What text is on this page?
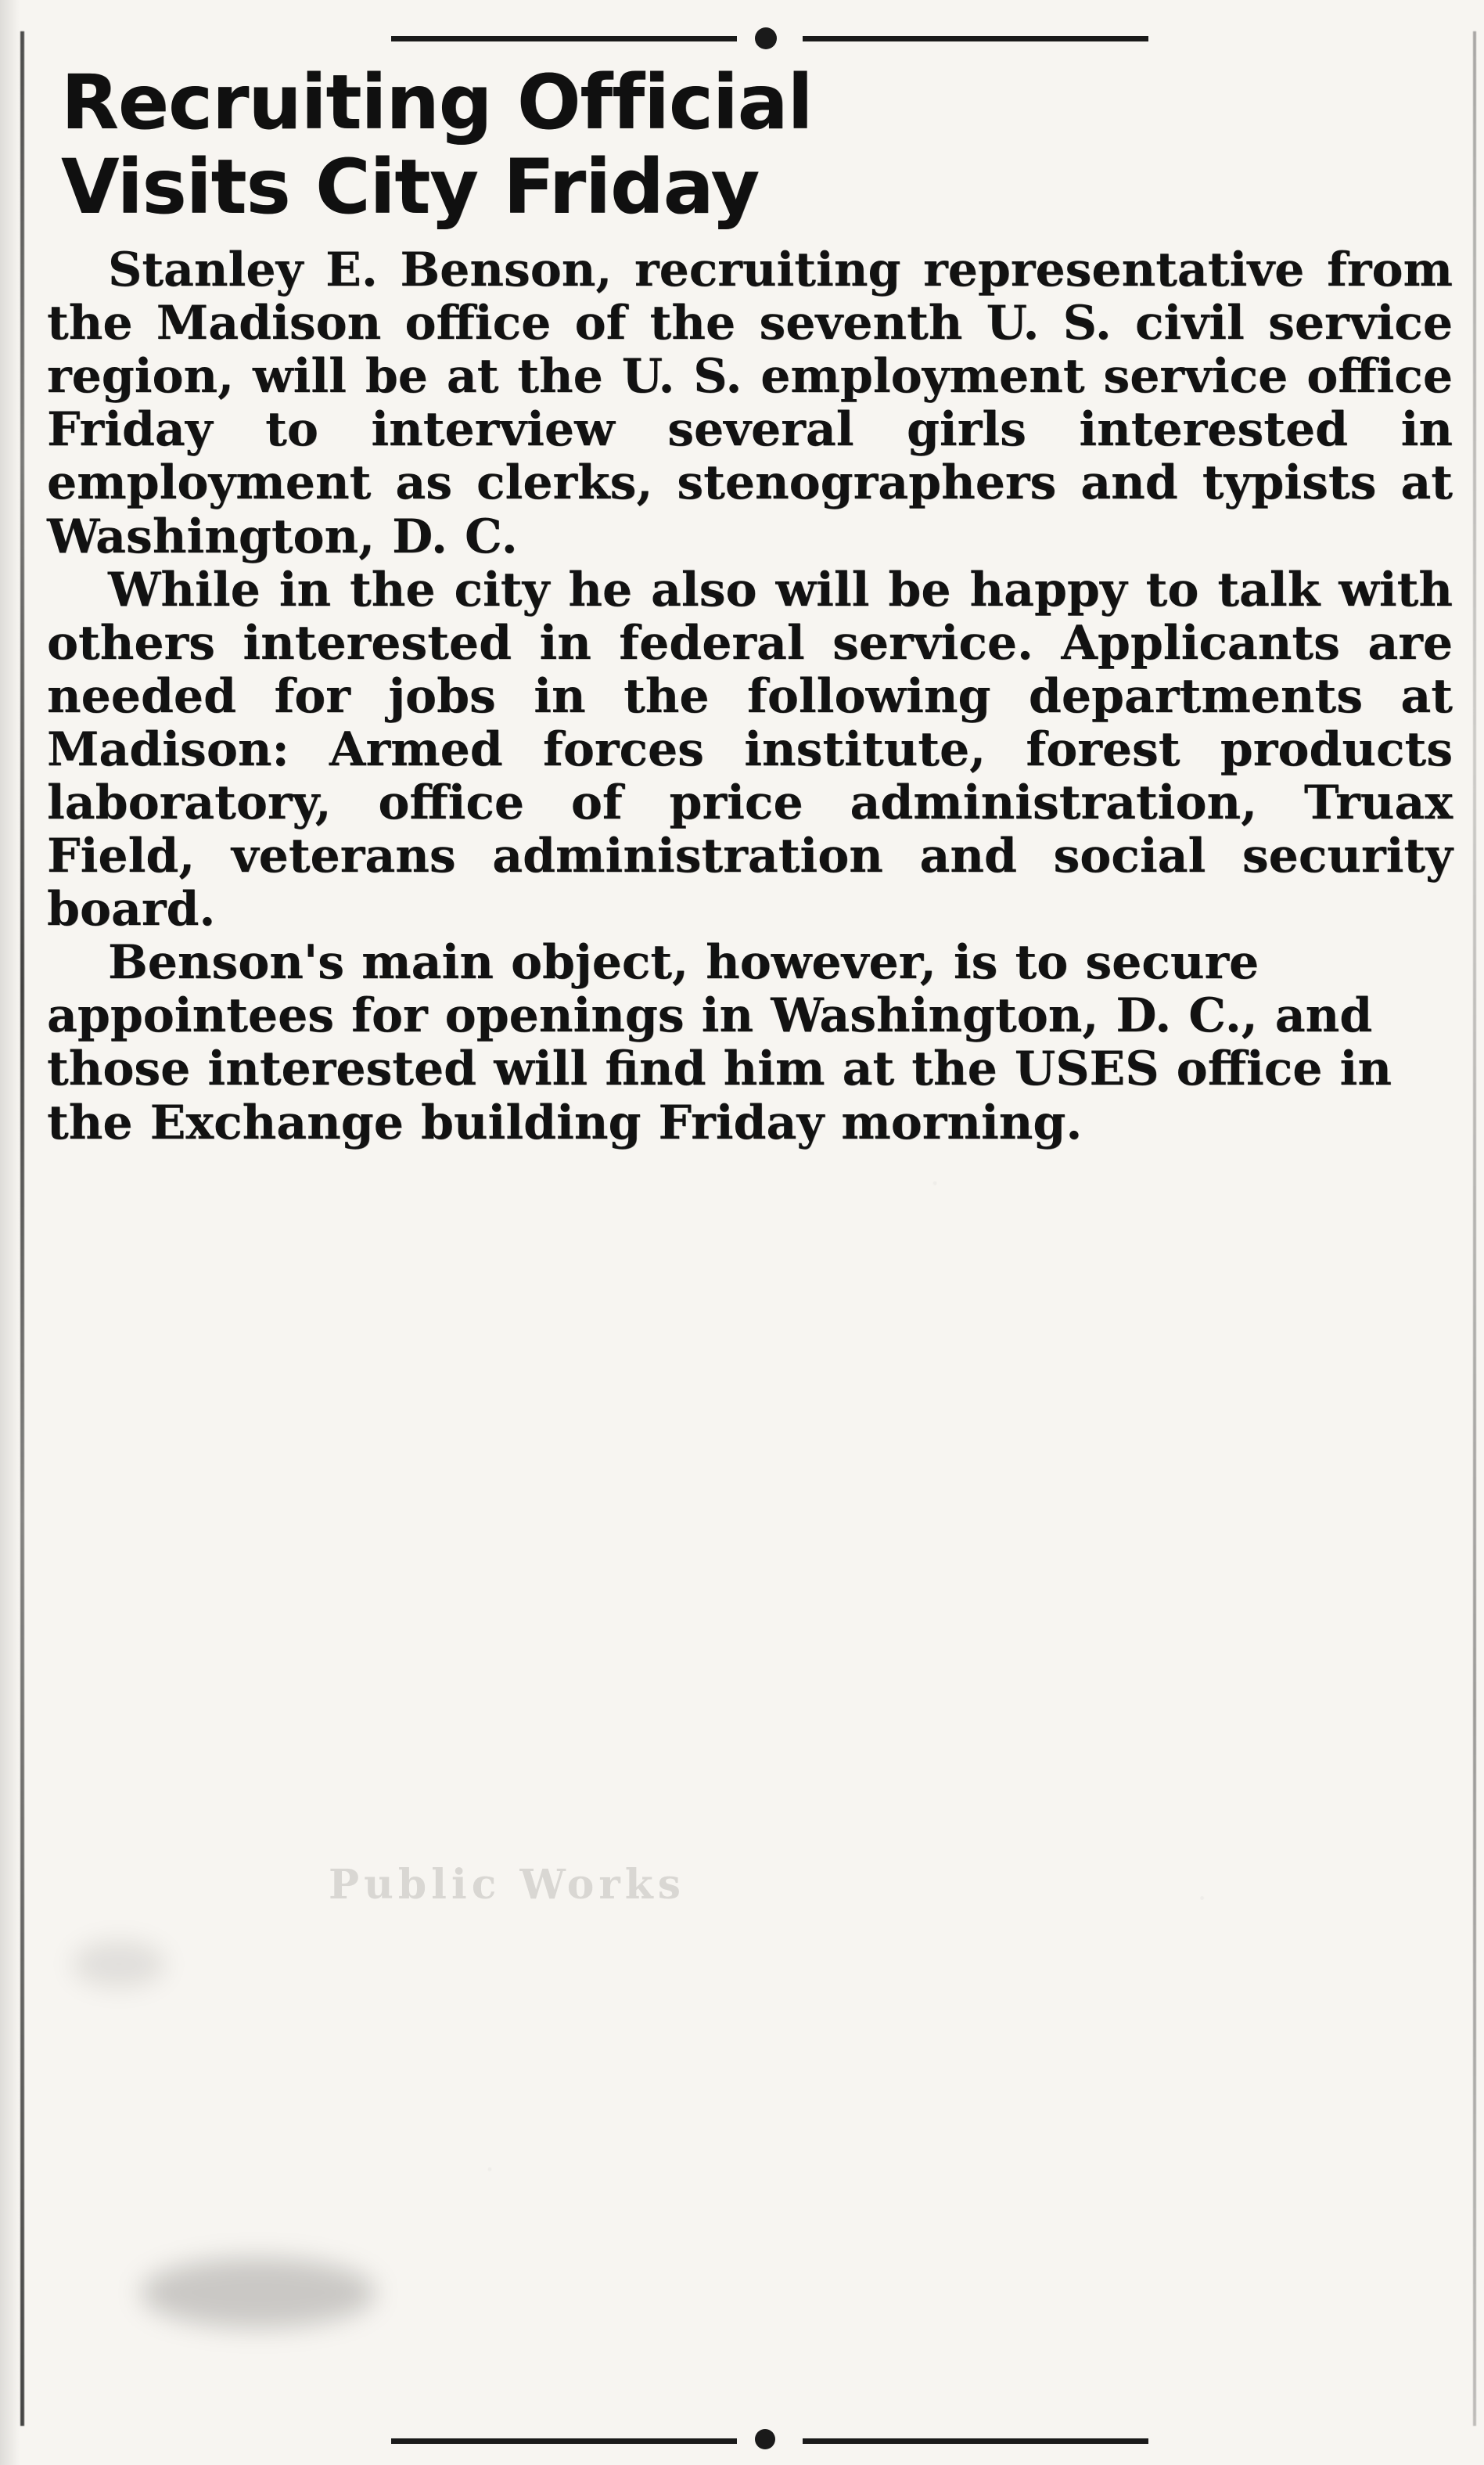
Recruiting Official
Visits City Friday

Stanley E. Benson, recruiting representative from the Madison office of the seventh U. S. civil service region, will be at the U. S. employment service office Friday to interview several girls interested in employment as clerks, stenographers and typists at Washington, D. C.

While in the city he also will be happy to talk with others interested in federal service. Applicants are needed for jobs in the following departments at Madison: Armed forces institute, forest products laboratory, office of price administration, Truax Field, veterans administration and social security board.

Benson's main object, however, is to secure appointees for openings in Washington, D. C., and those interested will find him at the USES office in the Exchange building Friday morning.

Public Works
